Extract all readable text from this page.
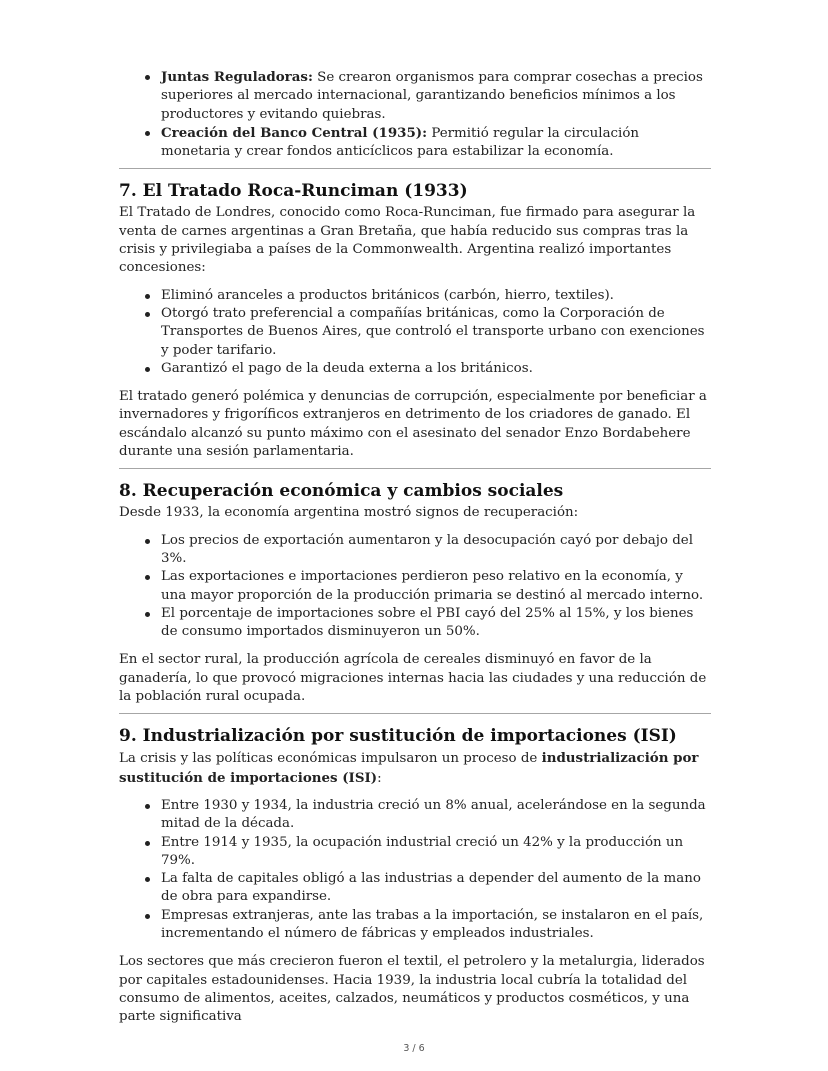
Juntas Reguladoras: Se crearon organismos para comprar cosechas a precios superiores al mercado internacional, garantizando beneficios mínimos a los productores y evitando quiebras.
Creación del Banco Central (1935): Permitió regular la circulación monetaria y crear fondos anticíclicos para estabilizar la economía.
7. El Tratado Roca-Runciman (1933)

El Tratado de Londres, conocido como Roca-Runciman, fue firmado para asegurar la venta de carnes argentinas a Gran Bretaña, que había reducido sus compras tras la crisis y privilegiaba a países de la Commonwealth. Argentina realizó importantes concesiones:

Eliminó aranceles a productos británicos (carbón, hierro, textiles).
Otorgó trato preferencial a compañías británicas, como la Corporación de Transportes de Buenos Aires, que controló el transporte urbano con exenciones y poder tarifario.
Garantizó el pago de la deuda externa a los británicos.

El tratado generó polémica y denuncias de corrupción, especialmente por beneficiar a invernadores y frigoríficos extranjeros en detrimento de los criadores de ganado. El escándalo alcanzó su punto máximo con el asesinato del senador Enzo Bordabehere durante una sesión parlamentaria.

8. Recuperación económica y cambios sociales

Desde 1933, la economía argentina mostró signos de recuperación:

Los precios de exportación aumentaron y la desocupación cayó por debajo del 3%.
Las exportaciones e importaciones perdieron peso relativo en la economía, y una mayor proporción de la producción primaria se destinó al mercado interno.
El porcentaje de importaciones sobre el PBI cayó del 25% al 15%, y los bienes de consumo importados disminuyeron un 50%.

En el sector rural, la producción agrícola de cereales disminuyó en favor de la ganadería, lo que provocó migraciones internas hacia las ciudades y una reducción de la población rural ocupada.

9. Industrialización por sustitución de importaciones (ISI)

La crisis y las políticas económicas impulsaron un proceso de industrialización por sustitución de importaciones (ISI):

Entre 1930 y 1934, la industria creció un 8% anual, acelerándose en la segunda mitad de la década.
Entre 1914 y 1935, la ocupación industrial creció un 42% y la producción un 79%.
La falta de capitales obligó a las industrias a depender del aumento de la mano de obra para expandirse.
Empresas extranjeras, ante las trabas a la importación, se instalaron en el país, incrementando el número de fábricas y empleados industriales.

Los sectores que más crecieron fueron el textil, el petrolero y la metalurgia, liderados por capitales estadounidenses. Hacia 1939, la industria local cubría la totalidad del consumo de alimentos, aceites, calzados, neumáticos y productos cosméticos, y una parte significativa

3 / 6
